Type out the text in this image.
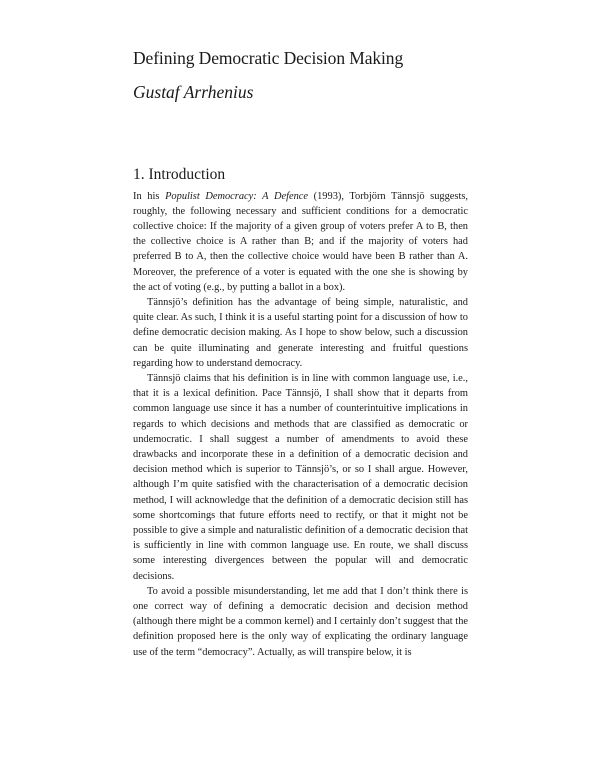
Defining Democratic Decision Making
Gustaf Arrhenius
1. Introduction

In his Populist Democracy: A Defence (1993), Torbjörn Tännsjö suggests, roughly, the following necessary and sufficient conditions for a democratic collective choice: If the majority of a given group of voters prefer A to B, then the collective choice is A rather than B; and if the majority of voters had preferred B to A, then the collective choice would have been B rather than A. Moreover, the preference of a voter is equated with the one she is showing by the act of voting (e.g., by putting a ballot in a box).

Tännsjö’s definition has the advantage of being simple, naturalistic, and quite clear. As such, I think it is a useful starting point for a discussion of how to define democratic decision making. As I hope to show below, such a discussion can be quite illuminating and generate interesting and fruitful questions regarding how to understand democracy.

Tännsjö claims that his definition is in line with common language use, i.e., that it is a lexical definition. Pace Tännsjö, I shall show that it departs from common language use since it has a number of counterintuitive implications in regards to which decisions and methods that are classified as democratic or undemocratic. I shall suggest a number of amendments to avoid these drawbacks and incorporate these in a definition of a democratic decision and decision method which is superior to Tännsjö’s, or so I shall argue. However, although I’m quite satisfied with the characterisation of a democratic decision method, I will acknowledge that the definition of a democratic decision still has some shortcomings that future efforts need to rectify, or that it might not be possible to give a simple and naturalistic definition of a democratic decision that is sufficiently in line with common language use. En route, we shall discuss some interesting divergences between the popular will and democratic decisions.

To avoid a possible misunderstanding, let me add that I don’t think there is one correct way of defining a democratic decision and decision method (although there might be a common kernel) and I certainly don’t suggest that the definition proposed here is the only way of explicating the ordinary language use of the term “democracy”. Actually, as will transpire below, it is
